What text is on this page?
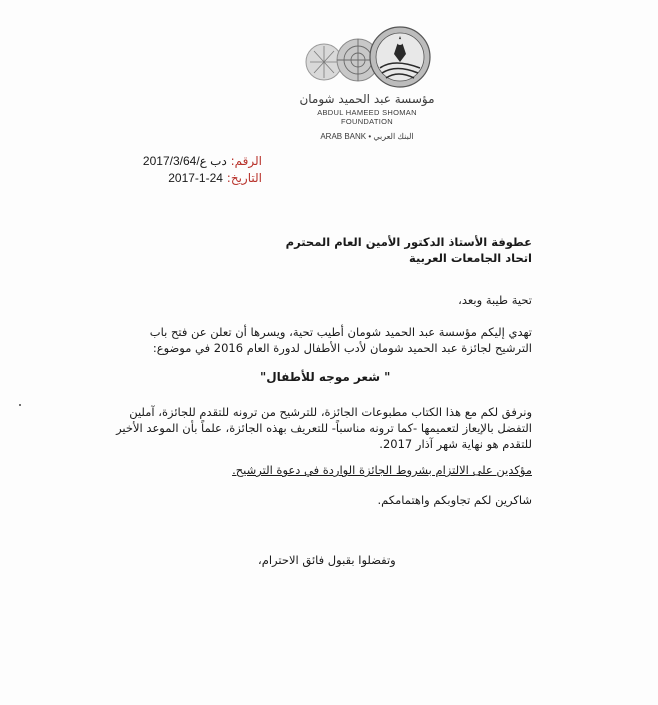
مؤسسة عبد الحميد شومان
ABDUL HAMEED SHOMAN FOUNDATION
ARAB BANK • البنك العربي
الرقم: دب ع/2017/3/64
التاريخ: 24-1-2017
عطوفة الأستاذ الدكتور الأمين العام المحترم
اتحاد الجامعات العربية
تحية طيبة وبعد،
تهدي إليكم مؤسسة عبد الحميد شومان أطيب تحية، ويسرها أن تعلن عن فتح باب الترشيح لجائزة عبد الحميد شومان لأدب الأطفال لدورة العام 2016 في موضوع:
" شعر موجه للأطفال"
ونرفق لكم مع هذا الكتاب مطبوعات الجائزة، للترشيح من ترونه للتقدم للجائزة، آملين التفضل بالإيعاز لتعميمها -كما ترونه مناسباً- للتعريف بهذه الجائزة، علماً بأن الموعد الأخير للتقدم هو نهاية شهر آذار 2017.
مؤكدين على الالتزام بشروط الجائزة الواردة في دعوة الترشيح.
شاكرين لكم تجاوبكم واهتمامكم.
وتفضلوا بقبول فائق الاحترام،
